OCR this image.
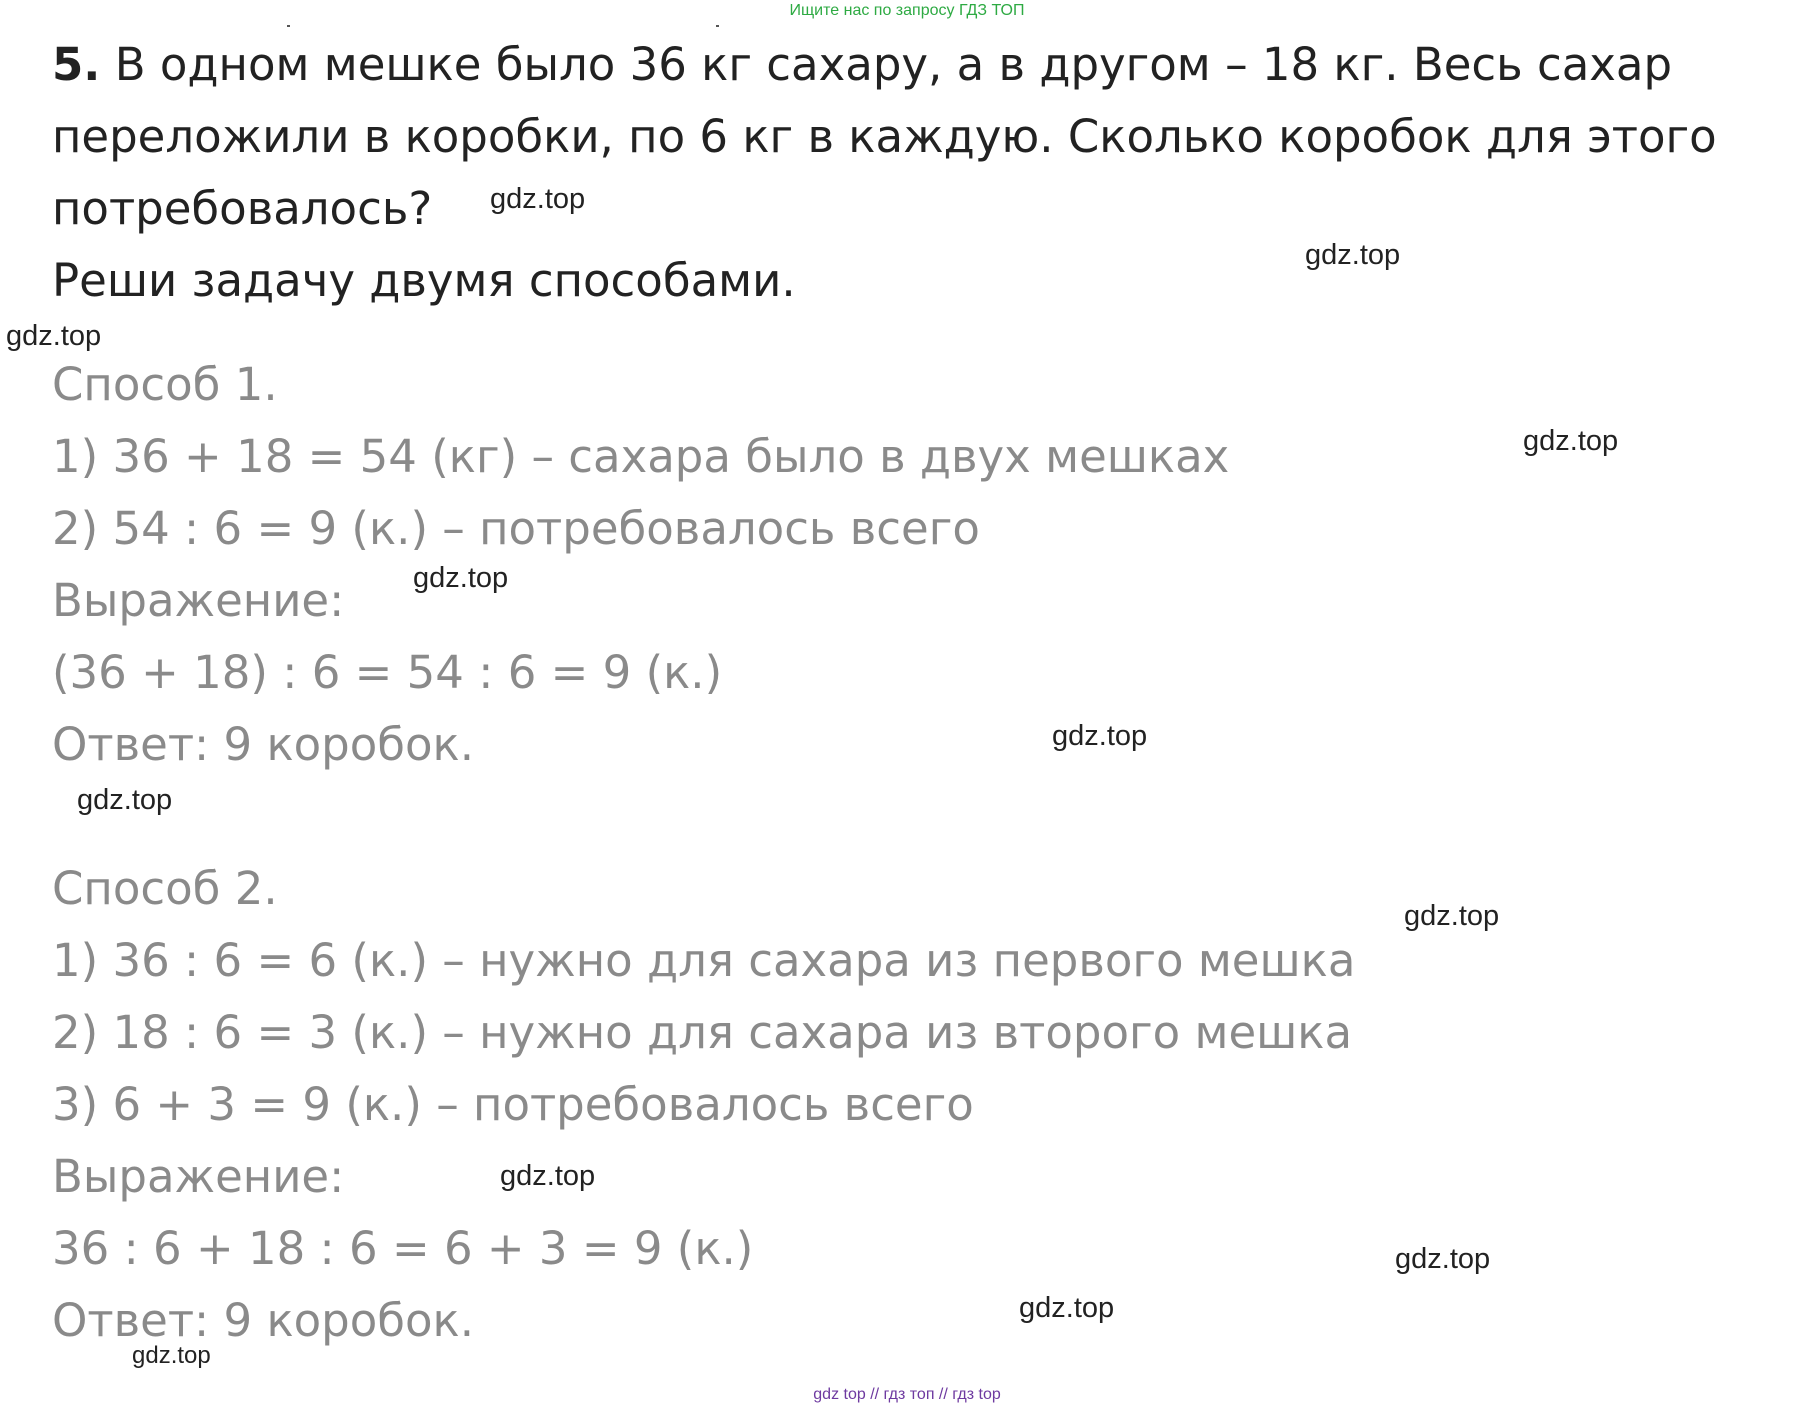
Ищите нас по запросу ГДЗ ТОП
5. В одном мешке было 36 кг сахару, а в другом – 18 кг. Весь сахар
переложили в коробки, по 6 кг в каждую. Сколько коробок для этого
потребовалось?
Реши задачу двумя способами.
Способ 1.
1) 36 + 18 = 54 (кг) – сахара было в двух мешках
2) 54 : 6 = 9 (к.) – потребовалось всего
Выражение:
(36 + 18) : 6 = 54 : 6 = 9 (к.)
Ответ: 9 коробок.
Способ 2.
1) 36 : 6 = 6 (к.) – нужно для сахара из первого мешка
2) 18 : 6 = 3 (к.) – нужно для сахара из второго мешка
3) 6 + 3 = 9 (к.) – потребовалось всего
Выражение:
36 : 6 + 18 : 6 = 6 + 3 = 9 (к.)
Ответ: 9 коробок.
gdz.top
gdz.top
gdz.top
gdz.top
gdz.top
gdz.top
gdz.top
gdz.top
gdz.top
gdz.top
gdz.top
gdz.top
gdz top // гдз топ // гдз top
